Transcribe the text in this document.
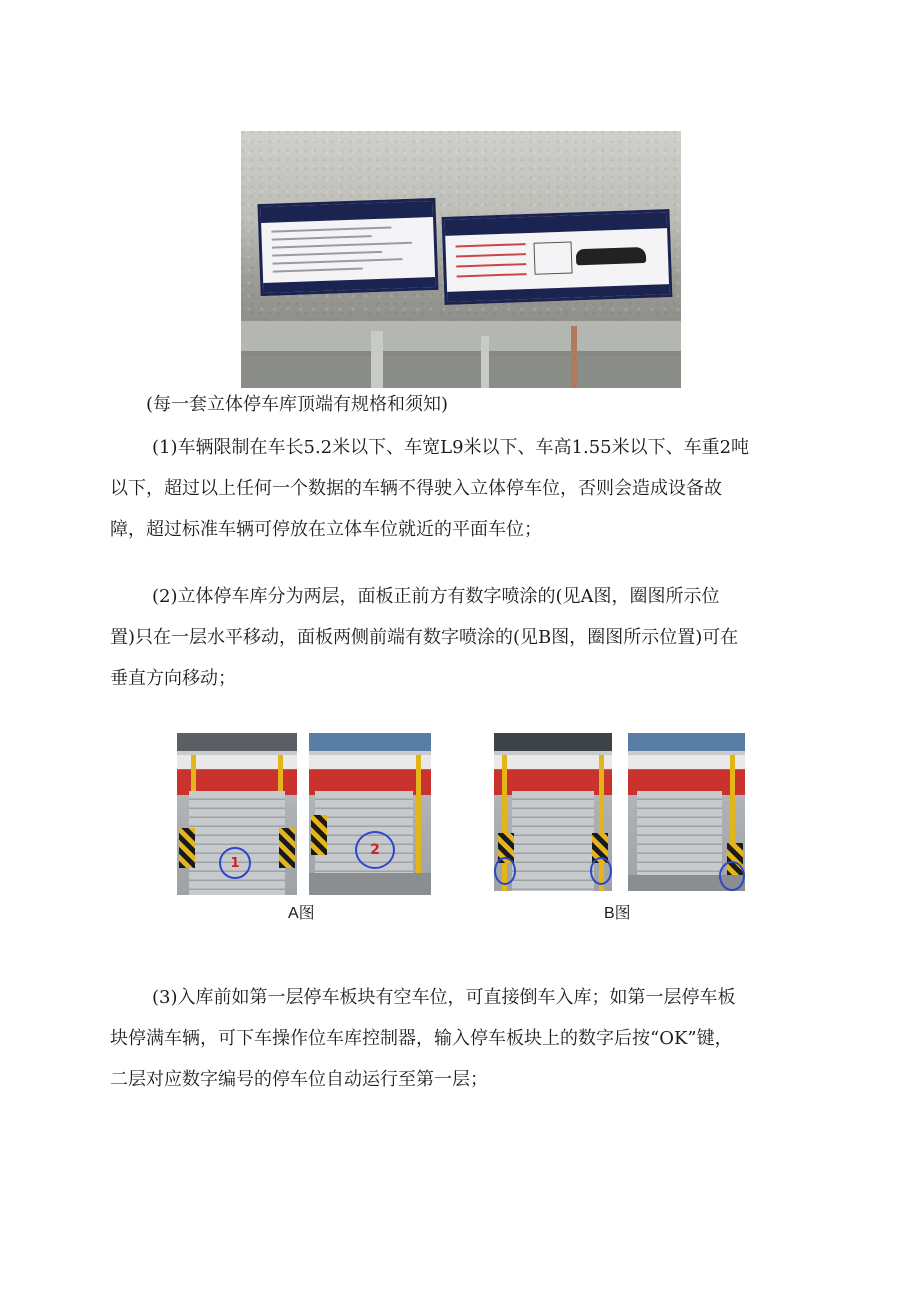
(每一套立体停车库顶端有规格和须知)

(1)车辆限制在车长5.2米以下、车宽L9米以下、车高1.55米以下、车重2吨
以下，超过以上任何一个数据的车辆不得驶入立体停车位，否则会造成设备故
障，超过标准车辆可停放在立体车位就近的平面车位；

(2)立体停车库分为两层，面板正前方有数字喷涂的(见A图，圈图所示位
置)只在一层水平移动，面板两侧前端有数字喷涂的(见B图，圈图所示位置)可在
垂直方向移动；

1
2
A图	B图

(3)入库前如第一层停车板块有空车位，可直接倒车入库；如第一层停车板
块停满车辆，可下车操作位车库控制器，输入停车板块上的数字后按“OK”键，
二层对应数字编号的停车位自动运行至第一层；
